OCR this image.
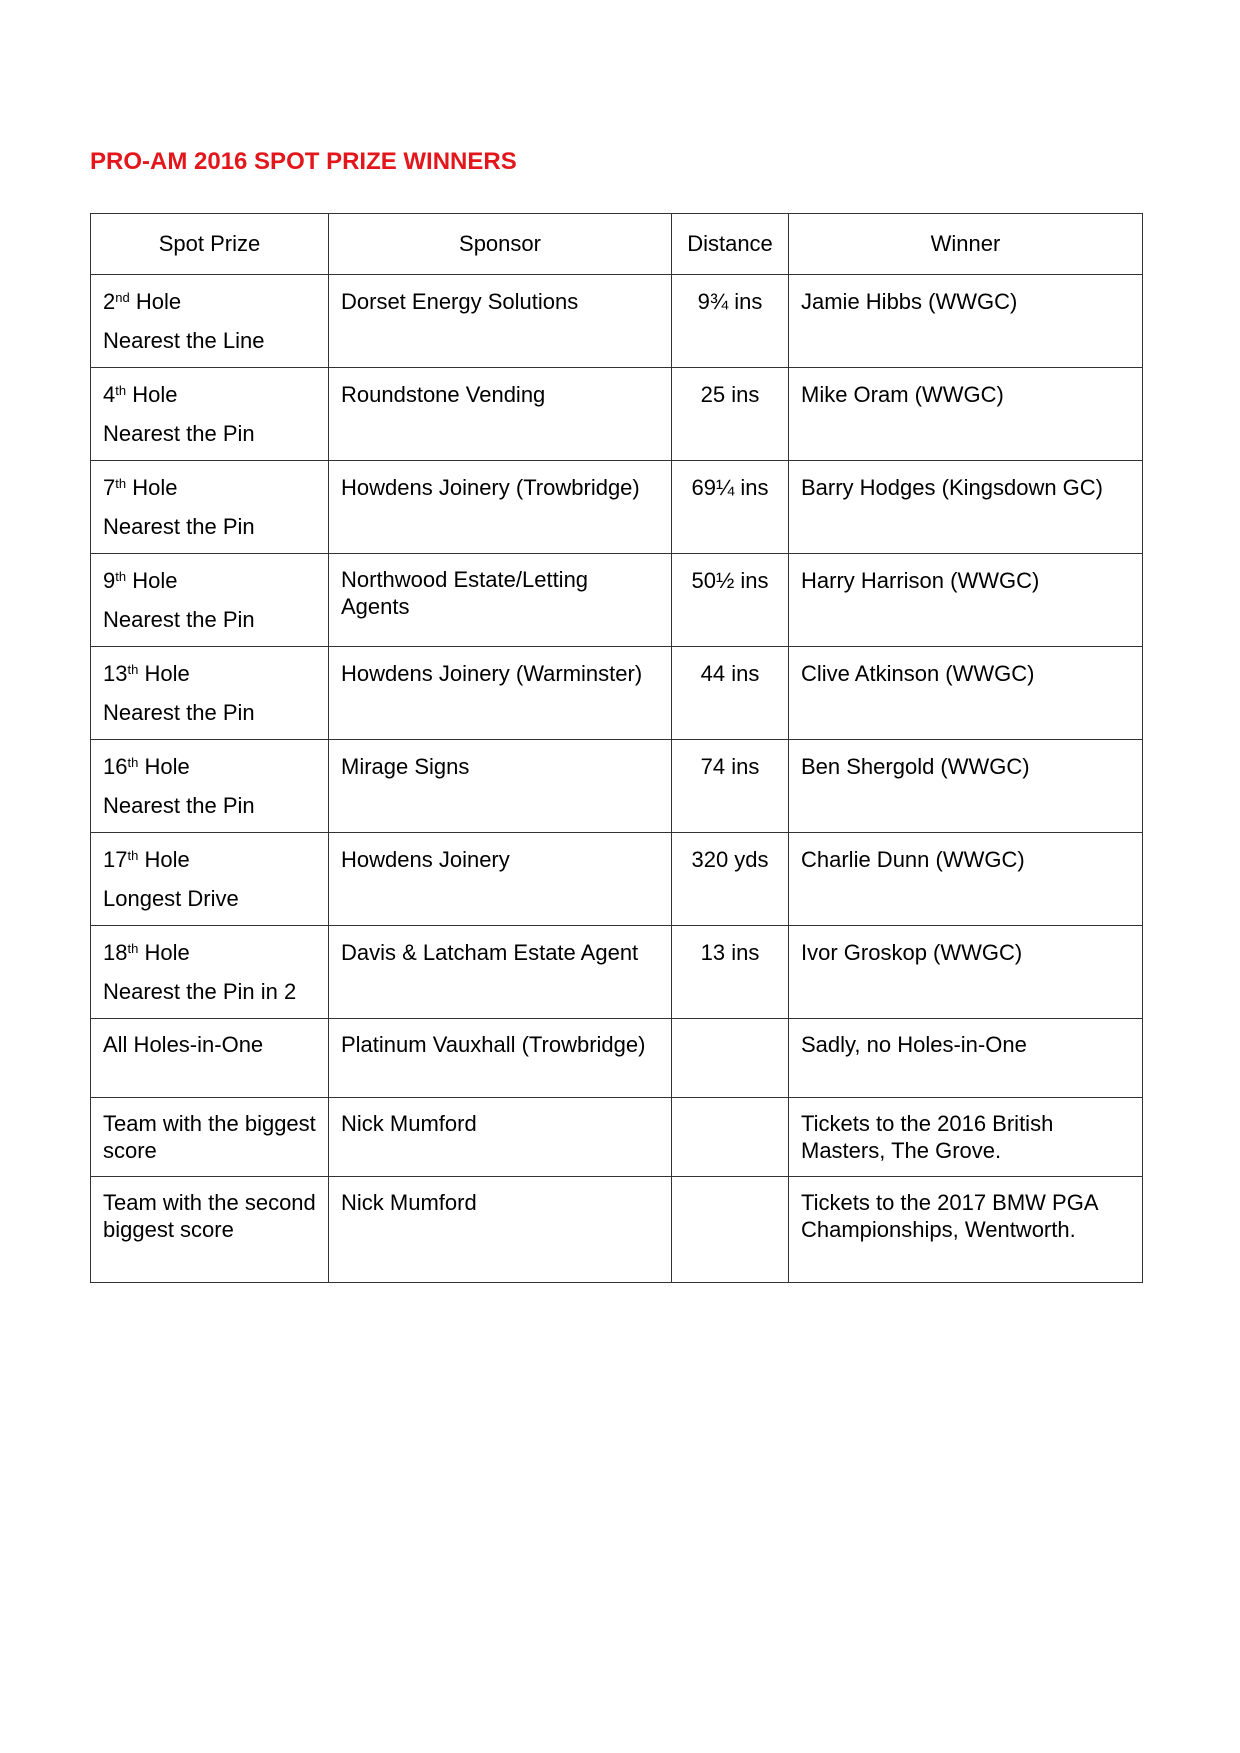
PRO-AM 2016 SPOT PRIZE WINNERS
Spot Prize	Sponsor	Distance	Winner

2nd Hole
Nearest the Line	Dorset Energy Solutions	9¾ ins	Jamie Hibbs (WWGC)

4th Hole
Nearest the Pin	Roundstone Vending	25 ins	Mike Oram (WWGC)

7th Hole
Nearest the Pin	Howdens Joinery (Trowbridge)	69¼ ins	Barry Hodges (Kingsdown GC)

9th Hole
Nearest the Pin	Northwood Estate/Letting Agents	50½ ins	Harry Harrison (WWGC)

13th Hole
Nearest the Pin	Howdens Joinery (Warminster)	44 ins	Clive Atkinson (WWGC)

16th Hole
Nearest the Pin	Mirage Signs	74 ins	Ben Shergold (WWGC)

17th Hole
Longest Drive	Howdens Joinery	320 yds	Charlie Dunn (WWGC)

18th Hole
Nearest the Pin in 2	Davis & Latcham Estate Agent	13 ins	Ivor Groskop (WWGC)

All Holes-in-One	Platinum Vauxhall (Trowbridge)		Sadly, no Holes-in-One

Team with the biggest score	Nick Mumford		Tickets to the 2016 British Masters, The Grove.

Team with the second biggest score	Nick Mumford		Tickets to the 2017 BMW PGA Championships, Wentworth.
